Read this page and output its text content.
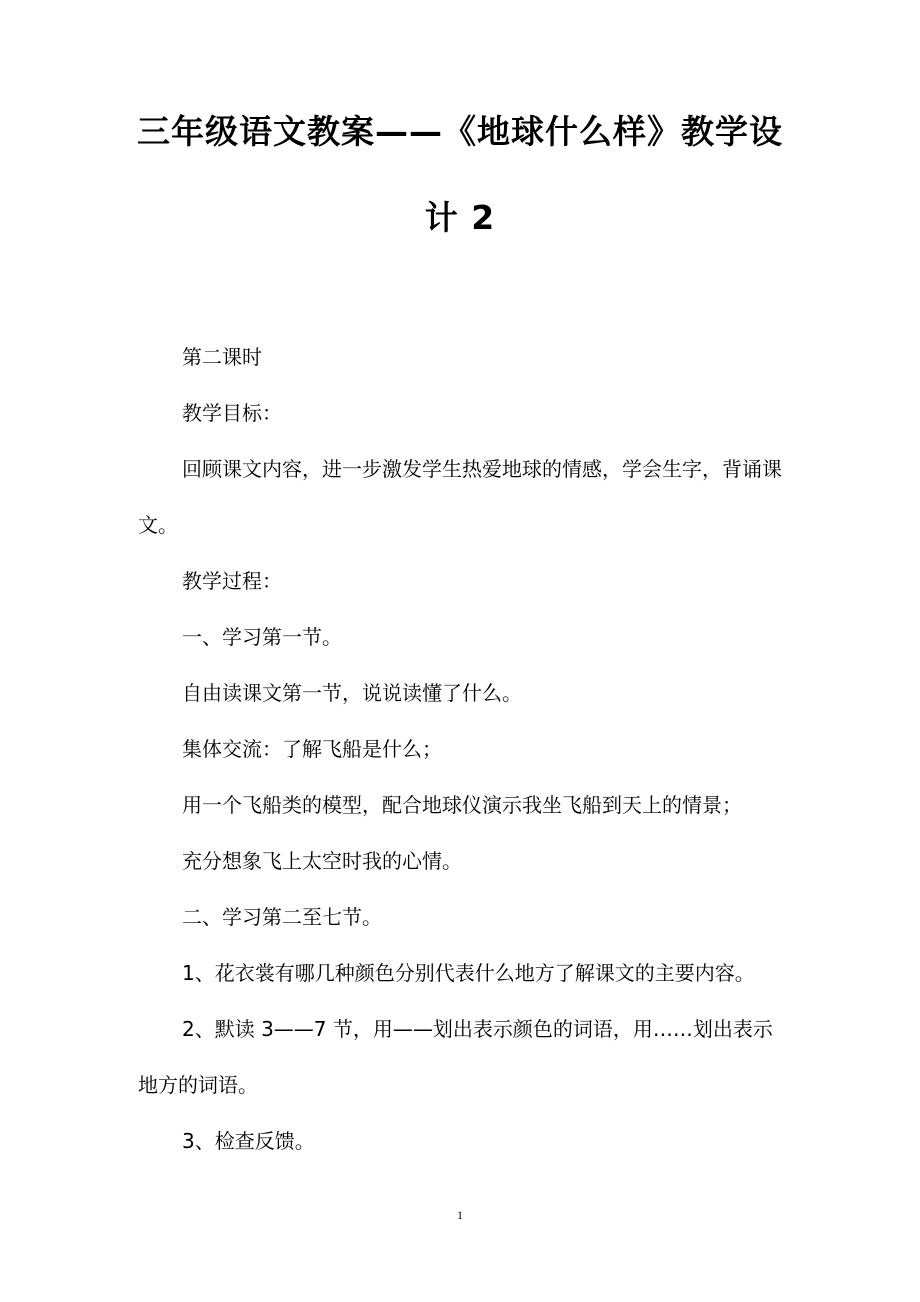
三年级语文教案——《地球什么样》教学设
计 2

第二课时

教学目标：

回顾课文内容，进一步激发学生热爱地球的情感，学会生字，背诵课文。

教学过程：

一、学习第一节。

自由读课文第一节，说说读懂了什么。

集体交流：了解飞船是什么；

用一个飞船类的模型，配合地球仪演示我坐飞船到天上的情景；

充分想象飞上太空时我的心情。

二、学习第二至七节。

1、花衣裳有哪几种颜色分别代表什么地方了解课文的主要内容。

2、默读 3——7 节，用——划出表示颜色的词语，用……划出表示地方的词语。

3、检查反馈。

1
